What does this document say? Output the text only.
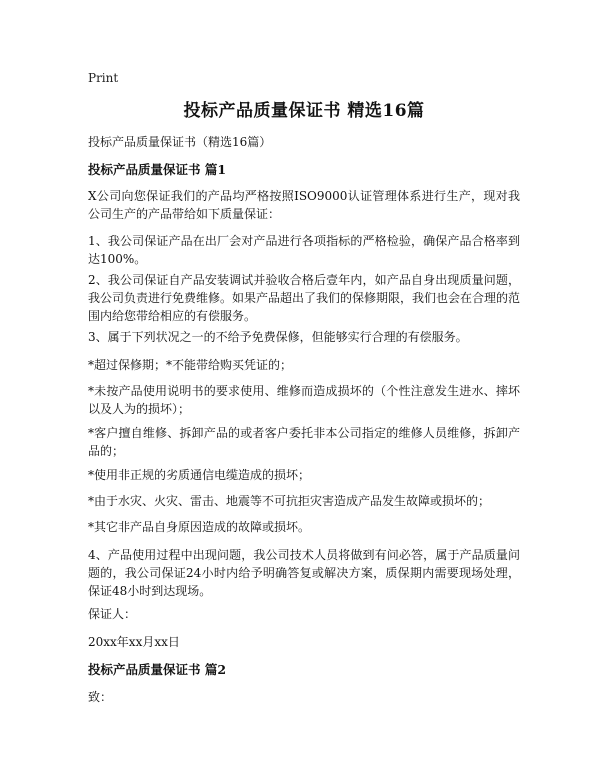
Print
投标产品质量保证书 精选16篇
投标产品质量保证书（精选16篇）
投标产品质量保证书 篇1
X公司向您保证我们的产品均严格按照ISO9000认证管理体系进行生产，现对我公司生产的产品带给如下质量保证：
1、我公司保证产品在出厂会对产品进行各项指标的严格检验，确保产品合格率到达100%。
2、我公司保证自产品安装调试并验收合格后壹年内，如产品自身出现质量问题，我公司负责进行免费维修。如果产品超出了我们的保修期限，我们也会在合理的范围内给您带给相应的有偿服务。
3、属于下列状况之一的不给予免费保修，但能够实行合理的有偿服务。
*超过保修期；*不能带给购买凭证的；
*未按产品使用说明书的要求使用、维修而造成损坏的（个性注意发生进水、摔坏以及人为的损坏）；
*客户擅自维修、拆卸产品的或者客户委托非本公司指定的维修人员维修，拆卸产品的；
*使用非正规的劣质通信电缆造成的损坏；
*由于水灾、火灾、雷击、地震等不可抗拒灾害造成产品发生故障或损坏的；
*其它非产品自身原因造成的故障或损坏。
4、产品使用过程中出现问题，我公司技术人员将做到有问必答，属于产品质量问题的，我公司保证24小时内给予明确答复或解决方案，质保期内需要现场处理，保证48小时到达现场。
保证人：
20xx年xx月xx日
投标产品质量保证书 篇2
致：
